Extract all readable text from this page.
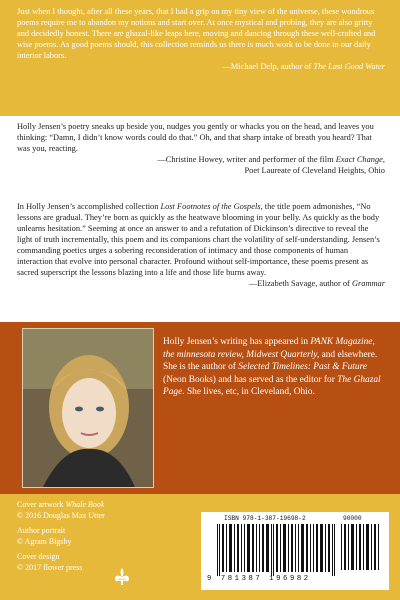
Just when I thought, after all these years, that I had a grip on my tiny view of the universe, these wondrous poems require me to abandon my notions and start over. At once mystical and probing, they are also gritty and decidedly honest. There are ghazal-like leaps here, moving and dancing through these well-crafted and wise poems. As good poems should, this collection reminds us there is much work to be done in our daily interior labors.

—Michael Delp, author of The Last Good Water

Holly Jensen’s poetry sneaks up beside you, nudges you gently or whacks you on the head, and leaves you thinking: “Damn, I didn’t know words could do that.” Oh, and that sharp intake of breath you heard? That was you, reacting.

—Christine Howey, writer and performer of the film Exact Change,

Poet Laureate of Cleveland Heights, Ohio

In Holly Jensen’s accomplished collection Lost Footnotes of the Gospels, the title poem admonishes, “No lessons are gradual. They’re born as quickly as the heatwave blooming in your belly. As quickly as the body unlearns hesitation.” Seeming at once an answer to and a refutation of Dickinson’s directive to reveal the light of truth incrementally, this poem and its companions chart the volatility of self-understanding. Jensen’s commanding poetics urges a sobering reconsideration of intimacy and those components of human interaction that evolve into personal character. Profound without self-importance, these poems present as sacred superscript the lessons blazing into a life and those life burns away.

—Elizabeth Savage, author of Grammar

Holly Jensen’s writing has appeared in PANK Magazine, the minnesota review, Midwest Quarterly, and elsewhere. She is the author of Selected Timelines: Past & Future (Neon Books) and has served as the editor for The Ghazal Page. She lives, etc, in Cleveland, Ohio.

Cover artwork Whale Book
© 2016 Douglas Max Utter

Author portrait
© Agram Bigsby

Cover design
© 2017 flower press

ISBN 978-1-387-19698-2	90000
9 781387 196982
